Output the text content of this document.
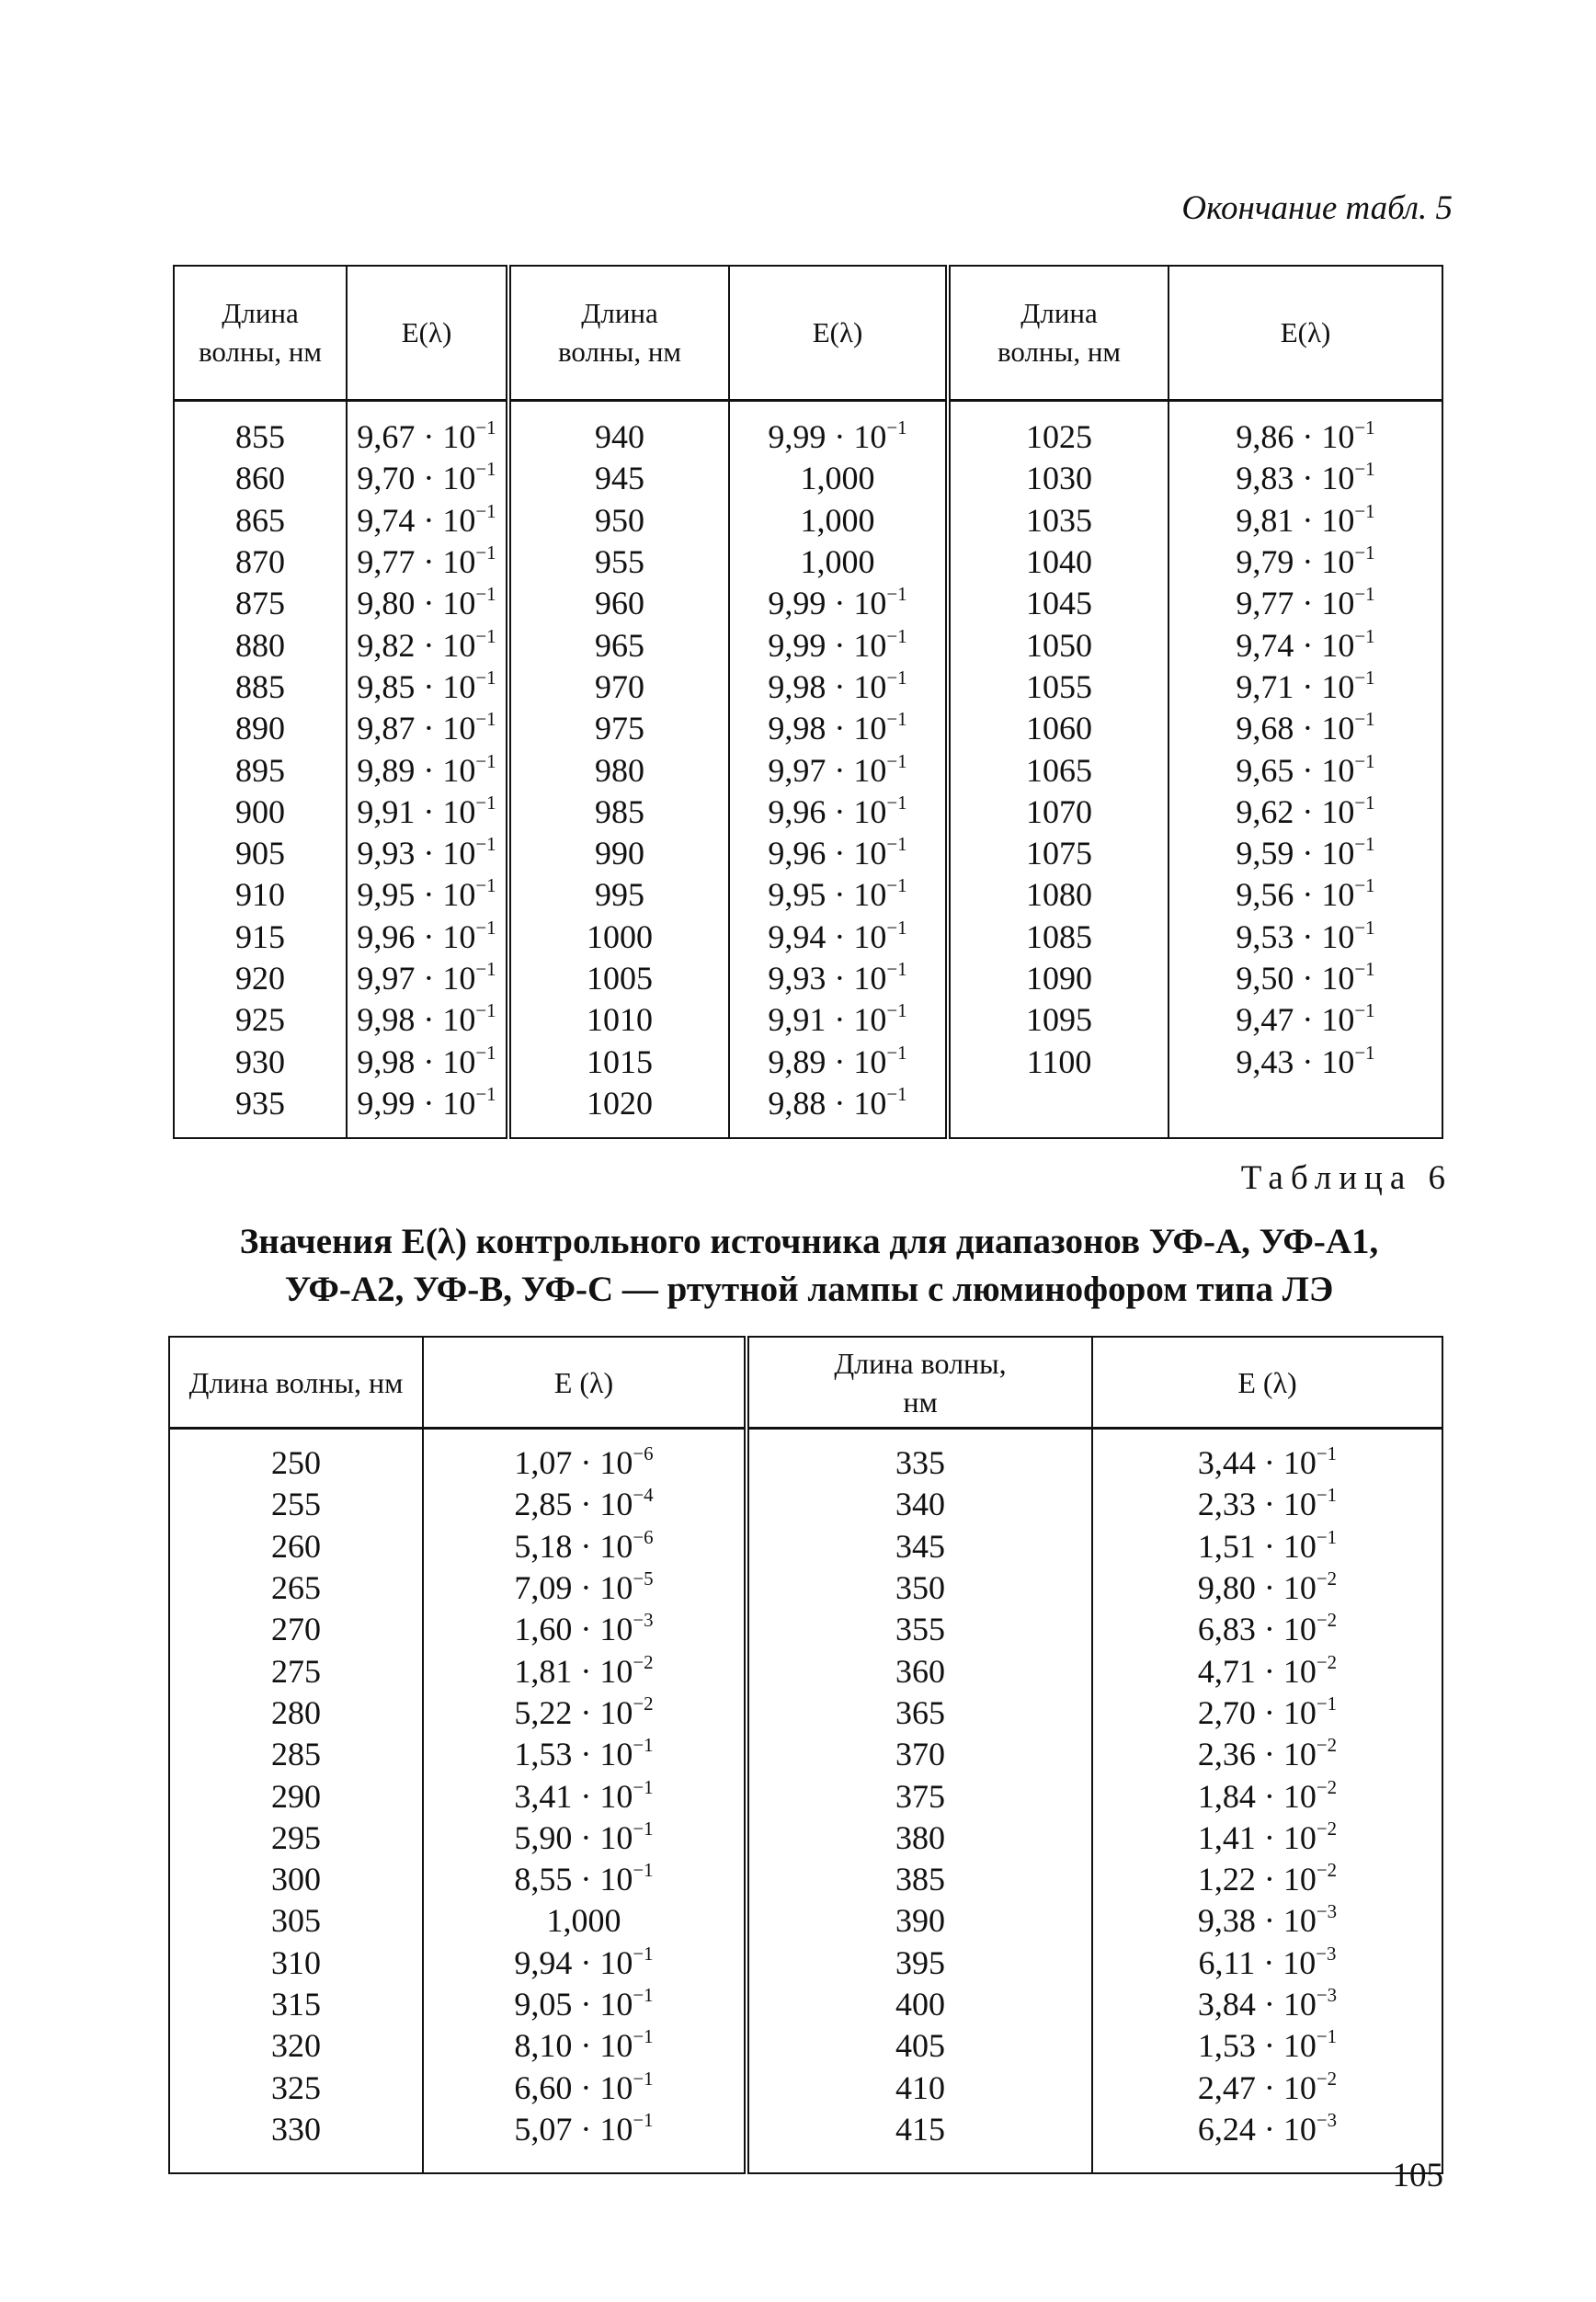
Окончание табл. 5
Длина волны, нм	E(λ)	Длина волны, нм	E(λ)	Длина волны, нм	E(λ)
855	$9,67 \cdot 10^{-1}$	940	$9,99 \cdot 10^{-1}$	1025	$9,86 \cdot 10^{-1}$
860	$9,70 \cdot 10^{-1}$	945	1,000	1030	$9,83 \cdot 10^{-1}$
865	$9,74 \cdot 10^{-1}$	950	1,000	1035	$9,81 \cdot 10^{-1}$
870	$9,77 \cdot 10^{-1}$	955	1,000	1040	$9,79 \cdot 10^{-1}$
875	$9,80 \cdot 10^{-1}$	960	$9,99 \cdot 10^{-1}$	1045	$9,77 \cdot 10^{-1}$
880	$9,82 \cdot 10^{-1}$	965	$9,99 \cdot 10^{-1}$	1050	$9,74 \cdot 10^{-1}$
885	$9,85 \cdot 10^{-1}$	970	$9,98 \cdot 10^{-1}$	1055	$9,71 \cdot 10^{-1}$
890	$9,87 \cdot 10^{-1}$	975	$9,98 \cdot 10^{-1}$	1060	$9,68 \cdot 10^{-1}$
895	$9,89 \cdot 10^{-1}$	980	$9,97 \cdot 10^{-1}$	1065	$9,65 \cdot 10^{-1}$
900	$9,91 \cdot 10^{-1}$	985	$9,96 \cdot 10^{-1}$	1070	$9,62 \cdot 10^{-1}$
905	$9,93 \cdot 10^{-1}$	990	$9,96 \cdot 10^{-1}$	1075	$9,59 \cdot 10^{-1}$
910	$9,95 \cdot 10^{-1}$	995	$9,95 \cdot 10^{-1}$	1080	$9,56 \cdot 10^{-1}$
915	$9,96 \cdot 10^{-1}$	1000	$9,94 \cdot 10^{-1}$	1085	$9,53 \cdot 10^{-1}$
920	$9,97 \cdot 10^{-1}$	1005	$9,93 \cdot 10^{-1}$	1090	$9,50 \cdot 10^{-1}$
925	$9,98 \cdot 10^{-1}$	1010	$9,91 \cdot 10^{-1}$	1095	$9,47 \cdot 10^{-1}$
930	$9,98 \cdot 10^{-1}$	1015	$9,89 \cdot 10^{-1}$	1100	$9,43 \cdot 10^{-1}$
935	$9,99 \cdot 10^{-1}$	1020	$9,88 \cdot 10^{-1}$		
Таблица 6
Значения E(λ) контрольного источника для диапазонов УФ-А, УФ-А1,
УФ-А2, УФ-В, УФ-С — ртутной лампы с люминофором типа ЛЭ
Длина волны, нм	E (λ)	Длина волны, нм	E (λ)
250	$1,07 \cdot 10^{-6}$	335	$3,44 \cdot 10^{-1}$
255	$2,85 \cdot 10^{-4}$	340	$2,33 \cdot 10^{-1}$
260	$5,18 \cdot 10^{-6}$	345	$1,51 \cdot 10^{-1}$
265	$7,09 \cdot 10^{-5}$	350	$9,80 \cdot 10^{-2}$
270	$1,60 \cdot 10^{-3}$	355	$6,83 \cdot 10^{-2}$
275	$1,81 \cdot 10^{-2}$	360	$4,71 \cdot 10^{-2}$
280	$5,22 \cdot 10^{-2}$	365	$2,70 \cdot 10^{-1}$
285	$1,53 \cdot 10^{-1}$	370	$2,36 \cdot 10^{-2}$
290	$3,41 \cdot 10^{-1}$	375	$1,84 \cdot 10^{-2}$
295	$5,90 \cdot 10^{-1}$	380	$1,41 \cdot 10^{-2}$
300	$8,55 \cdot 10^{-1}$	385	$1,22 \cdot 10^{-2}$
305	1,000	390	$9,38 \cdot 10^{-3}$
310	$9,94 \cdot 10^{-1}$	395	$6,11 \cdot 10^{-3}$
315	$9,05 \cdot 10^{-1}$	400	$3,84 \cdot 10^{-3}$
320	$8,10 \cdot 10^{-1}$	405	$1,53 \cdot 10^{-1}$
325	$6,60 \cdot 10^{-1}$	410	$2,47 \cdot 10^{-2}$
330	$5,07 \cdot 10^{-1}$	415	$6,24 \cdot 10^{-3}$
105
